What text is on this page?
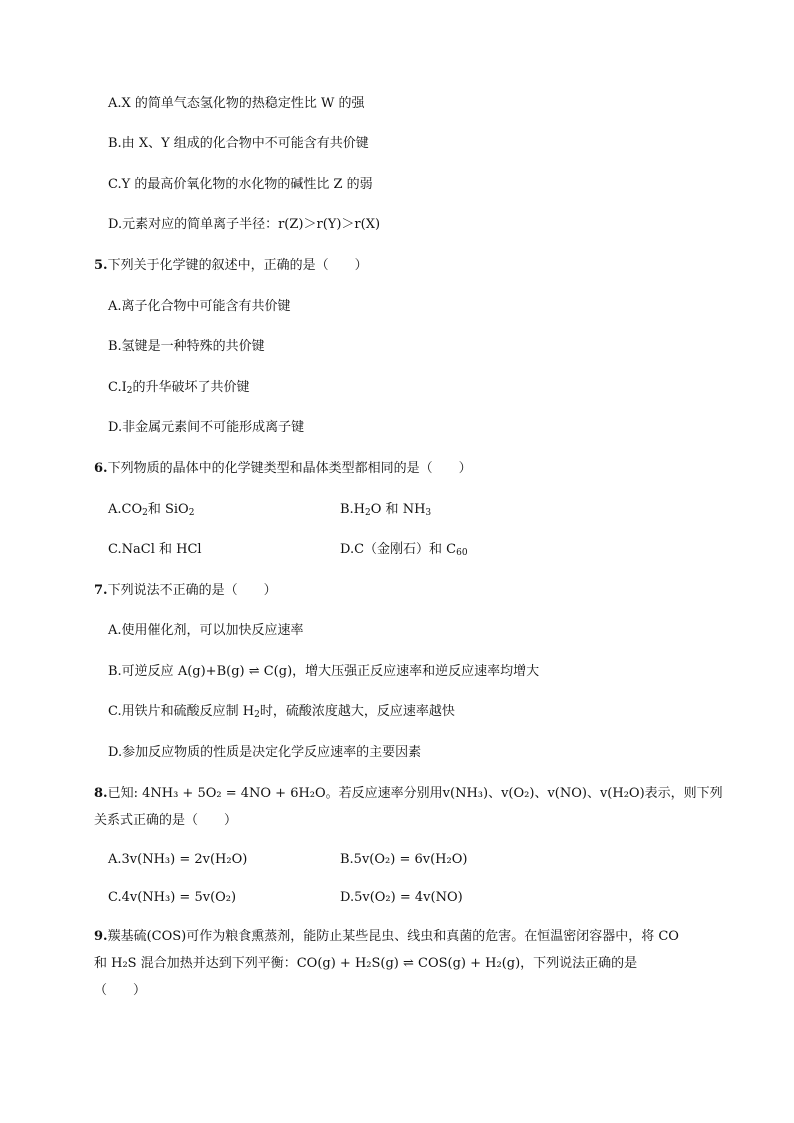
A.X 的简单气态氢化物的热稳定性比 W 的强
B.由 X、Y 组成的化合物中不可能含有共价键
C.Y 的最高价氧化物的水化物的碱性比 Z 的弱
D.元素对应的简单离子半径：r(Z)＞r(Y)＞r(X)
5.下列关于化学键的叙述中，正确的是（　　）
A.离子化合物中可能含有共价键
B.氢键是一种特殊的共价键
$C.I_2$的升华破坏了共价键
D.非金属元素间不可能形成离子键
6.下列物质的晶体中的化学键类型和晶体类型都相同的是（　　）
$A.CO_2$和 SiO$_2$	$B.H_2O$ 和 $NH_3$
C.NaCl 和 HCl	D.C（金刚石）和 $C_{60}$
7.下列说法不正确的是（　　）
A.使用催化剂，可以加快反应速率
B.可逆反应 A(g)+B(g) ⇌ C(g)，增大压强正反应速率和逆反应速率均增大
C.用铁片和硫酸反应制 $H_2$时，硫酸浓度越大，反应速率越快
D.参加反应物质的性质是决定化学反应速率的主要因素
8.已知: 4NH₃ + 5O₂ = 4NO + 6H₂O。若反应速率分别用v(NH₃)、v(O₂)、v(NO)、v(H₂O)表示，则下列
关系式正确的是（　　）
A.3v(NH₃) = 2v(H₂O)	B.5v(O₂) = 6v(H₂O)
C.4v(NH₃) = 5v(O₂)	D.5v(O₂) = 4v(NO)
9.羰基硫(COS)可作为粮食熏蒸剂，能防止某些昆虫、线虫和真菌的危害。在恒温密闭容器中，将 CO
和 H₂S 混合加热并达到下列平衡：CO(g) + H₂S(g) ⇌ COS(g) + H₂(g)，下列说法正确的是
（　　）
